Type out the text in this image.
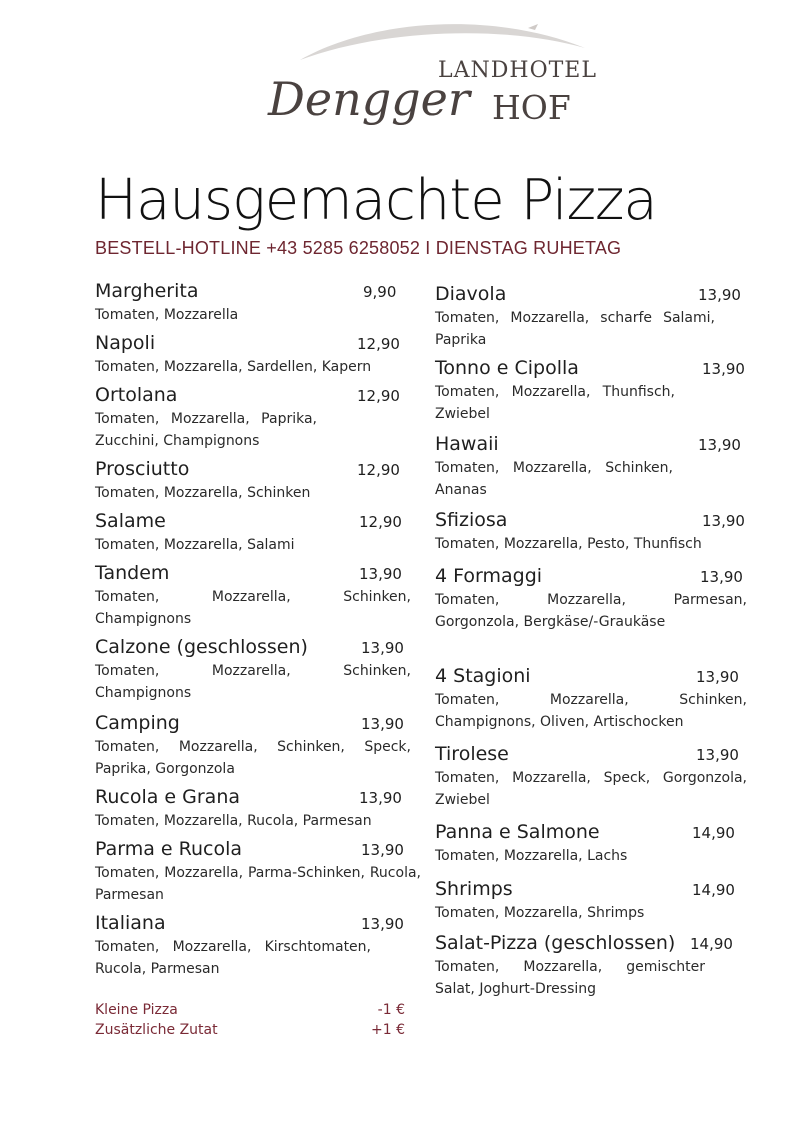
LANDHOTEL
Dengger HOF
Hausgemachte Pizza
BESTELL-HOTLINE +43 5285 6258052 I DIENSTAG RUHETAG
Margherita	9,90
Tomaten, Mozzarella
Napoli	12,90
Tomaten, Mozzarella, Sardellen, Kapern
Ortolana	12,90
Tomaten, Mozzarella, Paprika, Zucchini, Champignons
Prosciutto	12,90
Tomaten, Mozzarella, Schinken
Salame	12,90
Tomaten, Mozzarella, Salami
Tandem	13,90
Tomaten, Mozzarella, Schinken, Champignons
Calzone (geschlossen)	13,90
Tomaten, Mozzarella, Schinken, Champignons
Camping	13,90
Tomaten, Mozzarella, Schinken, Speck, Paprika, Gorgonzola
Rucola e Grana	13,90
Tomaten, Mozzarella, Rucola, Parmesan
Parma e Rucola	13,90
Tomaten, Mozzarella, Parma-Schinken, Rucola, Parmesan
Italiana	13,90
Tomaten, Mozzarella, Kirschtomaten, Rucola, Parmesan
Diavola	13,90
Tomaten, Mozzarella, scharfe Salami, Paprika
Tonno e Cipolla	13,90
Tomaten, Mozzarella, Thunfisch, Zwiebel
Hawaii	13,90
Tomaten, Mozzarella, Schinken, Ananas
Sfiziosa	13,90
Tomaten, Mozzarella, Pesto, Thunfisch
4 Formaggi	13,90
Tomaten, Mozzarella, Parmesan, Gorgonzola, Bergkäse/-Graukäse
4 Stagioni	13,90
Tomaten, Mozzarella, Schinken, Champignons, Oliven, Artischocken
Tirolese	13,90
Tomaten, Mozzarella, Speck, Gorgonzola, Zwiebel
Panna e Salmone	14,90
Tomaten, Mozzarella, Lachs
Shrimps	14,90
Tomaten, Mozzarella, Shrimps
Salat-Pizza (geschlossen) 14,90
Tomaten, Mozzarella, gemischter Salat, Joghurt-Dressing
Kleine Pizza	-1 €
Zusätzliche Zutat	+1 €
